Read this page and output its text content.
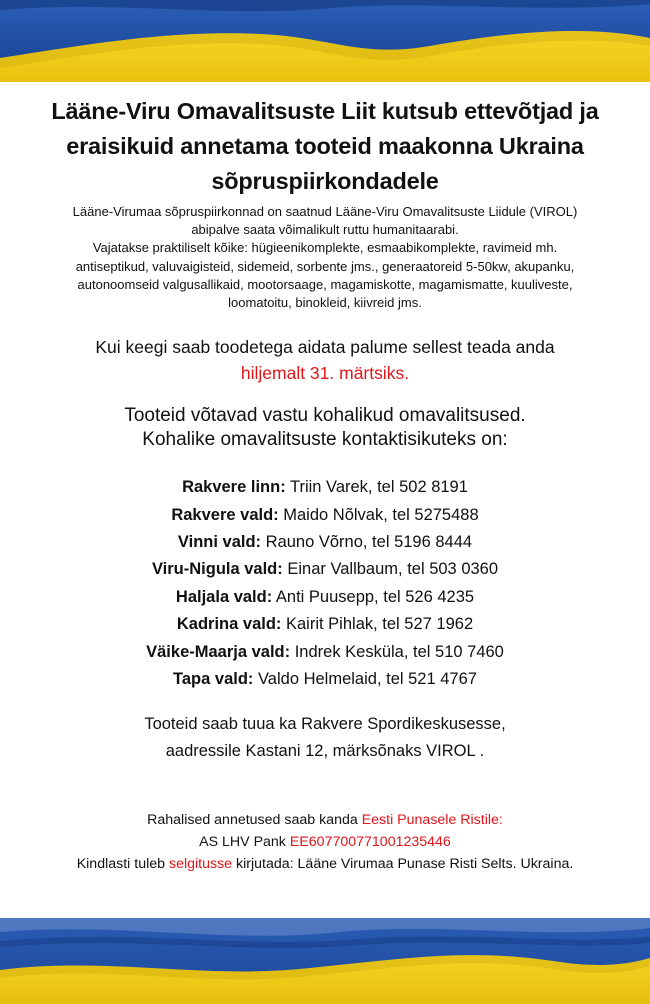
Lääne-Viru Omavalitsuste Liit kutsub ettevõtjad ja eraisikuid annetama tooteid maakonna Ukraina sõpruspiirkondadele
Lääne-Virumaa sõpruspiirkonnad on saatnud Lääne-Viru Omavalitsuste Liidule (VIROL)
abipalve saata võimalikult ruttu humanitaarabi.
Vajatakse praktiliselt kõike: hügieenikomplekte, esmaabikomplekte, ravimeid mh.
antiseptikud, valuvaigisteid, sidemeid, sorbente jms., generaatoreid 5-50kw, akupanku,
autonoomseid valgusallikaid, mootorsaage, magamiskotte, magamismatte, kuuliveste,
loomatoitu, binokleid, kiivreid jms.
Kui keegi saab toodetega aidata palume sellest teada anda
hiljemalt 31. märtsiks.
Tooteid võtavad vastu kohalikud omavalitsused.
Kohalike omavalitsuste kontaktisikuteks on:
Rakvere linn: Triin Varek, tel 502 8191
Rakvere vald: Maido Nõlvak, tel 5275488
Vinni vald: Rauno Võrno, tel 5196 8444
Viru-Nigula vald: Einar Vallbaum, tel 503 0360
Haljala vald: Anti Puusepp, tel 526 4235
Kadrina vald: Kairit Pihlak, tel 527 1962
Väike-Maarja vald: Indrek Kesküla, tel 510 7460
Tapa vald: Valdo Helmelaid, tel 521 4767
Tooteid saab tuua ka Rakvere Spordikeskusesse,
aadressile Kastani 12, märksõnaks VIROL .
Rahalised annetused saab kanda Eesti Punasele Ristile:
AS LHV Pank EE607700771001235446
Kindlasti tuleb selgitusse kirjutada: Lääne Virumaa Punase Risti Selts. Ukraina.
